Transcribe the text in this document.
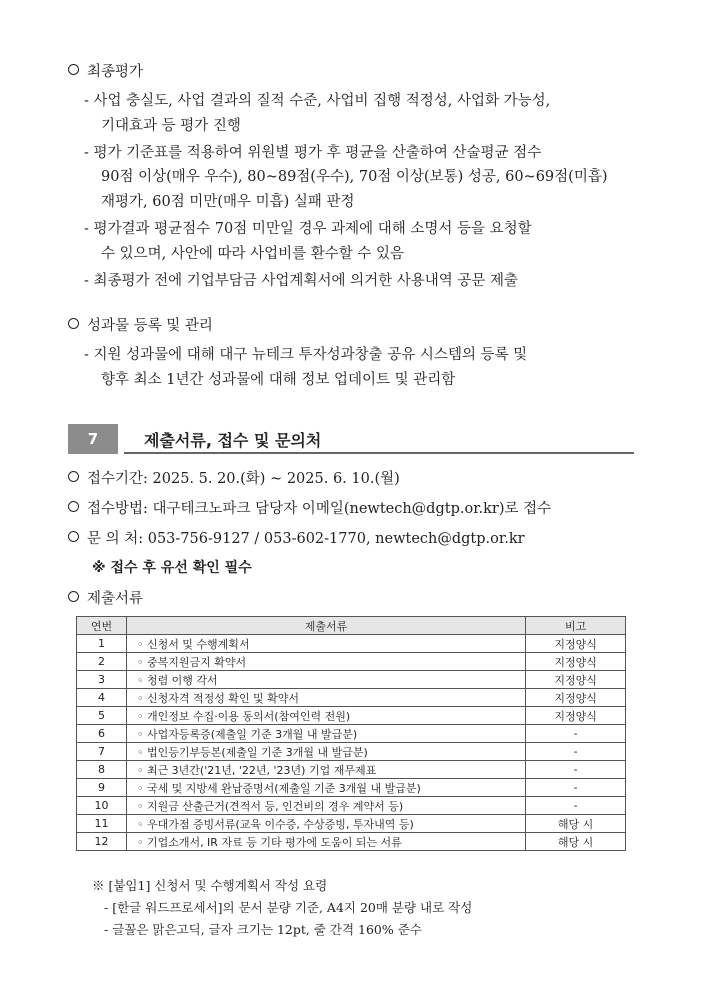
최종평가
- 사업 충실도, 사업 결과의 질적 수준, 사업비 집행 적정성, 사업화 가능성,
기대효과 등 평가 진행
- 평가 기준표를 적용하여 위원별 평가 후 평균을 산출하여 산술평균 점수
90점 이상(매우 우수), 80~89점(우수), 70점 이상(보통) 성공, 60~69점(미흡)
재평가, 60점 미만(매우 미흡) 실패 판정
- 평가결과 평균점수 70점 미만일 경우 과제에 대해 소명서 등을 요청할
수 있으며, 사안에 따라 사업비를 환수할 수 있음
- 최종평가 전에 기업부담금 사업계획서에 의거한 사용내역 공문 제출
성과물 등록 및 관리
- 지원 성과물에 대해 대구 뉴테크 투자성과창출 공유 시스템의 등록 및
향후 최소 1년간 성과물에 대해 정보 업데이트 및 관리함
7	제출서류, 접수 및 문의처
접수기간: 2025. 5. 20.(화) ~ 2025. 6. 10.(월)
접수방법: 대구테크노파크 담당자 이메일(newtech@dgtp.or.kr)로 접수
문 의 처: 053-756-9127 / 053-602-1770, newtech@dgtp.or.kr
※ 접수 후 유선 확인 필수
제출서류
연번	제출서류	비고
1	◦ 신청서 및 수행계획서	지정양식
2	◦ 중복지원금지 확약서	지정양식
3	◦ 청렴 이행 각서	지정양식
4	◦ 신청자격 적정성 확인 및 확약서	지정양식
5	◦ 개인정보 수집·이용 동의서(참여인력 전원)	지정양식
6	◦ 사업자등록증(제출일 기준 3개월 내 발급분)	-
7	◦ 법인등기부등본(제출일 기준 3개월 내 발급분)	-
8	◦ 최근 3년간('21년, '22년, '23년) 기업 재무제표	-
9	◦ 국세 및 지방세 완납증명서(제출일 기준 3개월 내 발급분)	-
10	◦ 지원금 산출근거(견적서 등, 인건비의 경우 계약서 등)	-
11	◦ 우대가점 증빙서류(교육 이수증, 수상증빙, 투자내역 등)	해당 시
12	◦ 기업소개서, IR 자료 등 기타 평가에 도움이 되는 서류	해당 시
※ [붙임1] 신청서 및 수행계획서 작성 요령
- [한글 워드프로세서]의 문서 분량 기준, A4지 20매 분량 내로 작성
- 글꼴은 맑은고딕, 글자 크기는 12pt, 줄 간격 160% 준수
